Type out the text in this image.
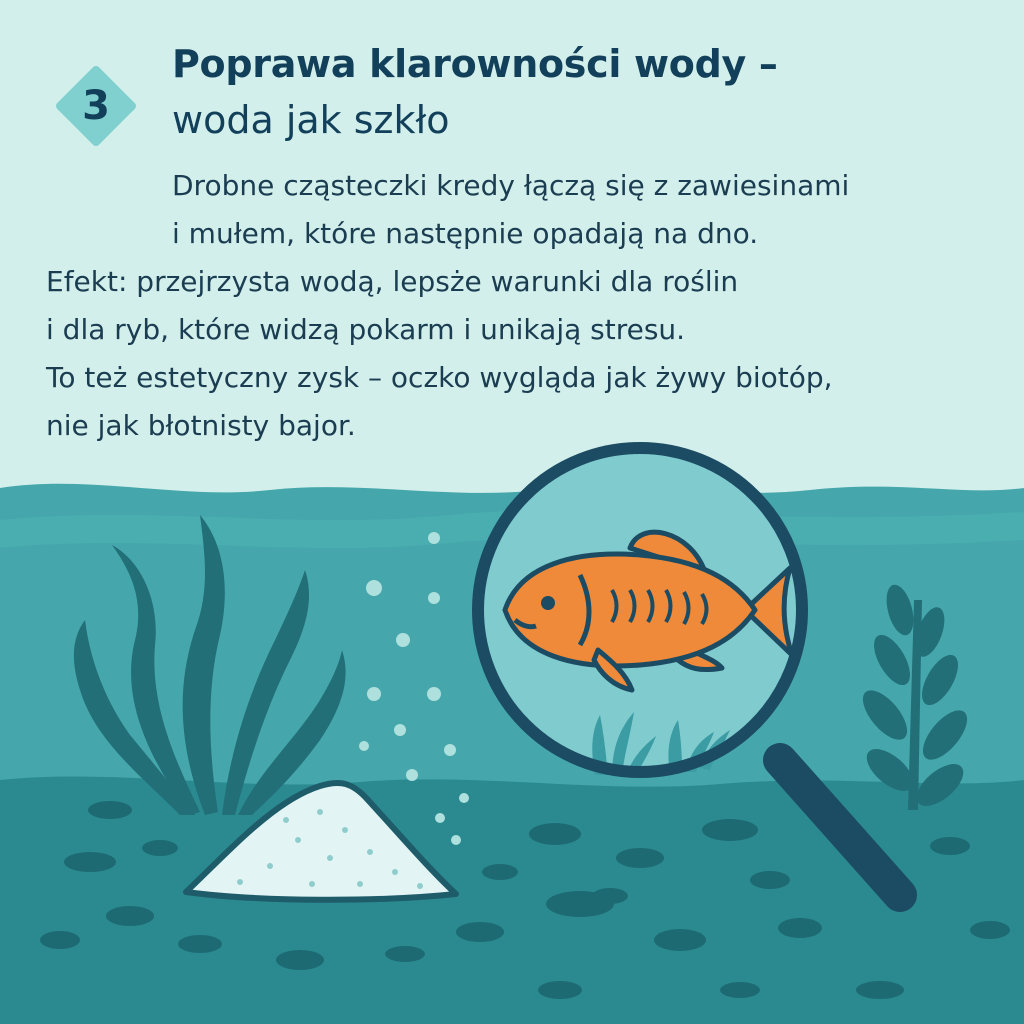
3
Poprawa klarowności wody –
woda jak szkło

Drobne cząsteczki kredy łączą się z zawiesinami
i mułem, które następnie opadają na dno.

Efekt: przejrzysta wodą, lepsże warunki dla roślin
i dla ryb, które widzą pokarm i unikają stresu.
To też estetyczny zysk – oczko wygląda jak żywy biotóp,
nie jak błotnisty bajor.
